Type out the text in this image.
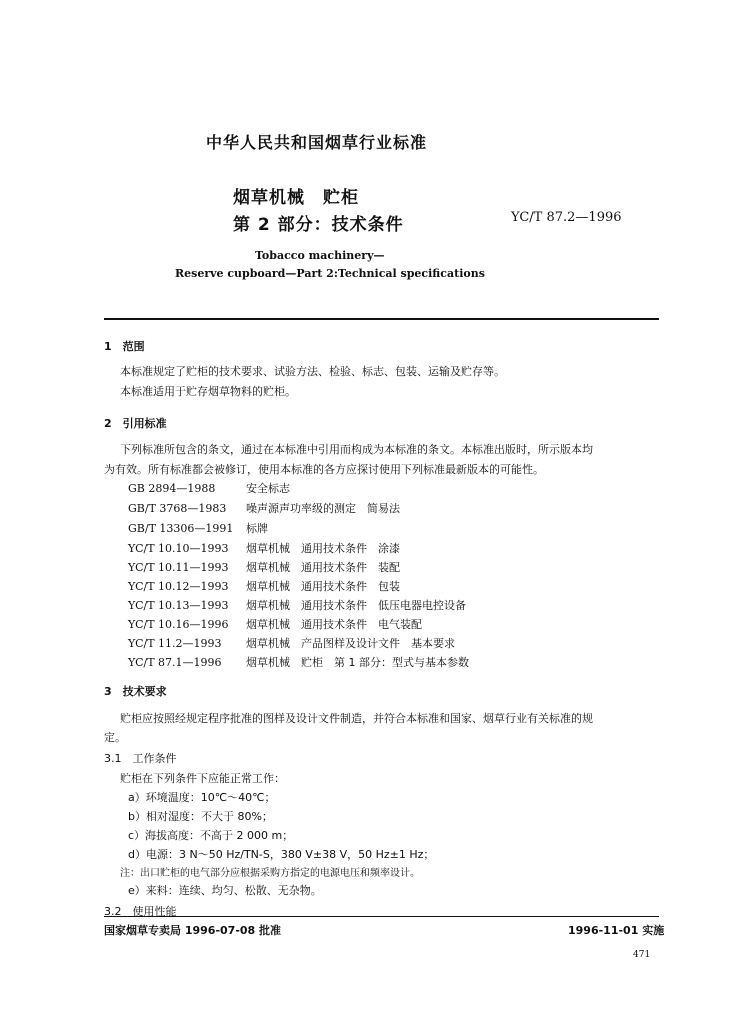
中华人民共和国烟草行业标准
烟草机械　贮柜
第 2 部分：技术条件	YC/T 87.2—1996
Tobacco machinery—
Reserve cupboard—Part 2:Technical specifications
1　范围
本标准规定了贮柜的技术要求、试验方法、检验、标志、包装、运输及贮存等。
本标准适用于贮存烟草物料的贮柜。
2　引用标准
下列标准所包含的条文，通过在本标准中引用而构成为本标准的条文。本标准出版时，所示版本均
为有效。所有标准都会被修订，使用本标准的各方应探讨使用下列标准最新版本的可能性。
GB 2894—1988	安全标志
GB/T 3768—1983 噪声源声功率级的测定　简易法
GB/T 13306—1991 标牌
YC/T 10.10—1993 烟草机械　通用技术条件　涂漆
YC/T 10.11—1993 烟草机械　通用技术条件　装配
YC/T 10.12—1993 烟草机械　通用技术条件　包装
YC/T 10.13—1993 烟草机械　通用技术条件　低压电器电控设备
YC/T 10.16—1996 烟草机械　通用技术条件　电气装配
YC/T 11.2—1993 烟草机械　产品图样及设计文件　基本要求
YC/T 87.1—1996 烟草机械　贮柜　第 1 部分：型式与基本参数
3　技术要求
贮柜应按照经规定程序批准的图样及设计文件制造，并符合本标准和国家、烟草行业有关标准的规
定。
3.1　工作条件
贮柜在下列条件下应能正常工作：
a）环境温度：10℃～40℃；
b）相对湿度：不大于 80%；
c）海拔高度：不高于 2 000 m；
d）电源：3 N～50 Hz/TN-S，380 V±38 V，50 Hz±1 Hz；
注：出口贮柜的电气部分应根据采购方指定的电源电压和频率设计。
e）来料：连续、均匀、松散、无杂物。
3.2　使用性能
国家烟草专卖局 1996-07-08 批准	1996-11-01 实施
471
